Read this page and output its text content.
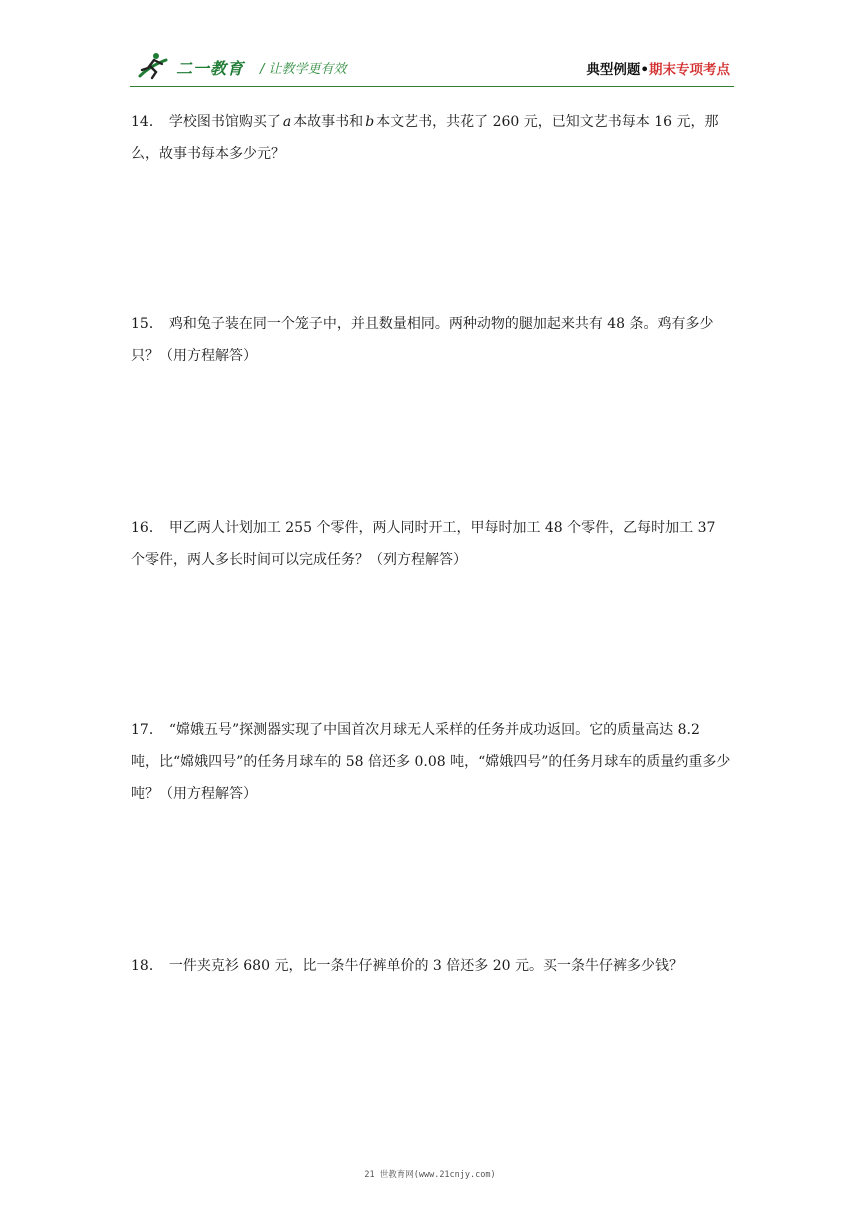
二一教育 / 让教学更有效	典型例题•期末专项考点
14． 学校图书馆购买了 a 本故事书和 b 本文艺书，共花了 260 元，已知文艺书每本 16 元，那么，故事书每本多少元？
15． 鸡和兔子装在同一个笼子中，并且数量相同。两种动物的腿加起来共有 48 条。鸡有多少只？（用方程解答）
16． 甲乙两人计划加工 255 个零件，两人同时开工，甲每时加工 48 个零件，乙每时加工 37 个零件，两人多长时间可以完成任务？（列方程解答）
17． “嫦娥五号”探测器实现了中国首次月球无人采样的任务并成功返回。它的质量高达 8.2 吨，比“嫦娥四号”的任务月球车的 58 倍还多 0.08 吨，“嫦娥四号”的任务月球车的质量约重多少吨？（用方程解答）
18． 一件夹克衫 680 元，比一条牛仔裤单价的 3 倍还多 20 元。买一条牛仔裤多少钱？
21 世教育网(www.21cnjy.com)
